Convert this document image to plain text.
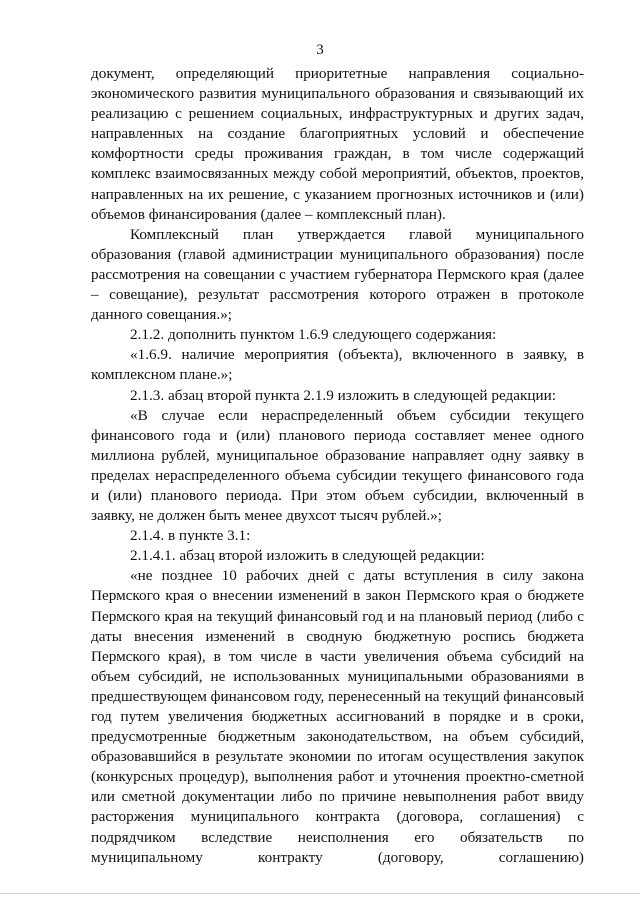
3

документ, определяющий приоритетные направления социально-экономического развития муниципального образования и связывающий их реализацию с решением социальных, инфраструктурных и других задач, направленных на создание благоприятных условий и обеспечение комфортности среды проживания граждан, в том числе содержащий комплекс взаимосвязанных между собой мероприятий, объектов, проектов, направленных на их решение, с указанием прогнозных источников и (или) объемов финансирования (далее – комплексный план).

Комплексный план утверждается главой муниципального образования (главой администрации муниципального образования) после рассмотрения на совещании с участием губернатора Пермского края (далее – совещание), результат рассмотрения которого отражен в протоколе данного совещания.»;

2.1.2. дополнить пунктом 1.6.9 следующего содержания:

«1.6.9. наличие мероприятия (объекта), включенного в заявку, в комплексном плане.»;

2.1.3. абзац второй пункта 2.1.9 изложить в следующей редакции:

«В случае если нераспределенный объем субсидии текущего финансового года и (или) планового периода составляет менее одного миллиона рублей, муниципальное образование направляет одну заявку в пределах нераспределенного объема субсидии текущего финансового года и (или) планового периода. При этом объем субсидии, включенный в заявку, не должен быть менее двухсот тысяч рублей.»;

2.1.4. в пункте 3.1:

2.1.4.1. абзац второй изложить в следующей редакции:

«не позднее 10 рабочих дней с даты вступления в силу закона Пермского края о внесении изменений в закон Пермского края о бюджете Пермского края на текущий финансовый год и на плановый период (либо с даты внесения изменений в сводную бюджетную роспись бюджета Пермского края), в том числе в части увеличения объема субсидий на объем субсидий, не использованных муниципальными образованиями в предшествующем финансовом году, перенесенный на текущий финансовый год путем увеличения бюджетных ассигнований в порядке и в сроки, предусмотренные бюджетным законодательством, на объем субсидий, образовавшийся в результате экономии по итогам осуществления закупок (конкурсных процедур), выполнения работ и уточнения проектно-сметной или сметной документации либо по причине невыполнения работ ввиду расторжения муниципального контракта (договора, соглашения) с подрядчиком вследствие неисполнения его обязательств по муниципальному контракту (договору, соглашению)
